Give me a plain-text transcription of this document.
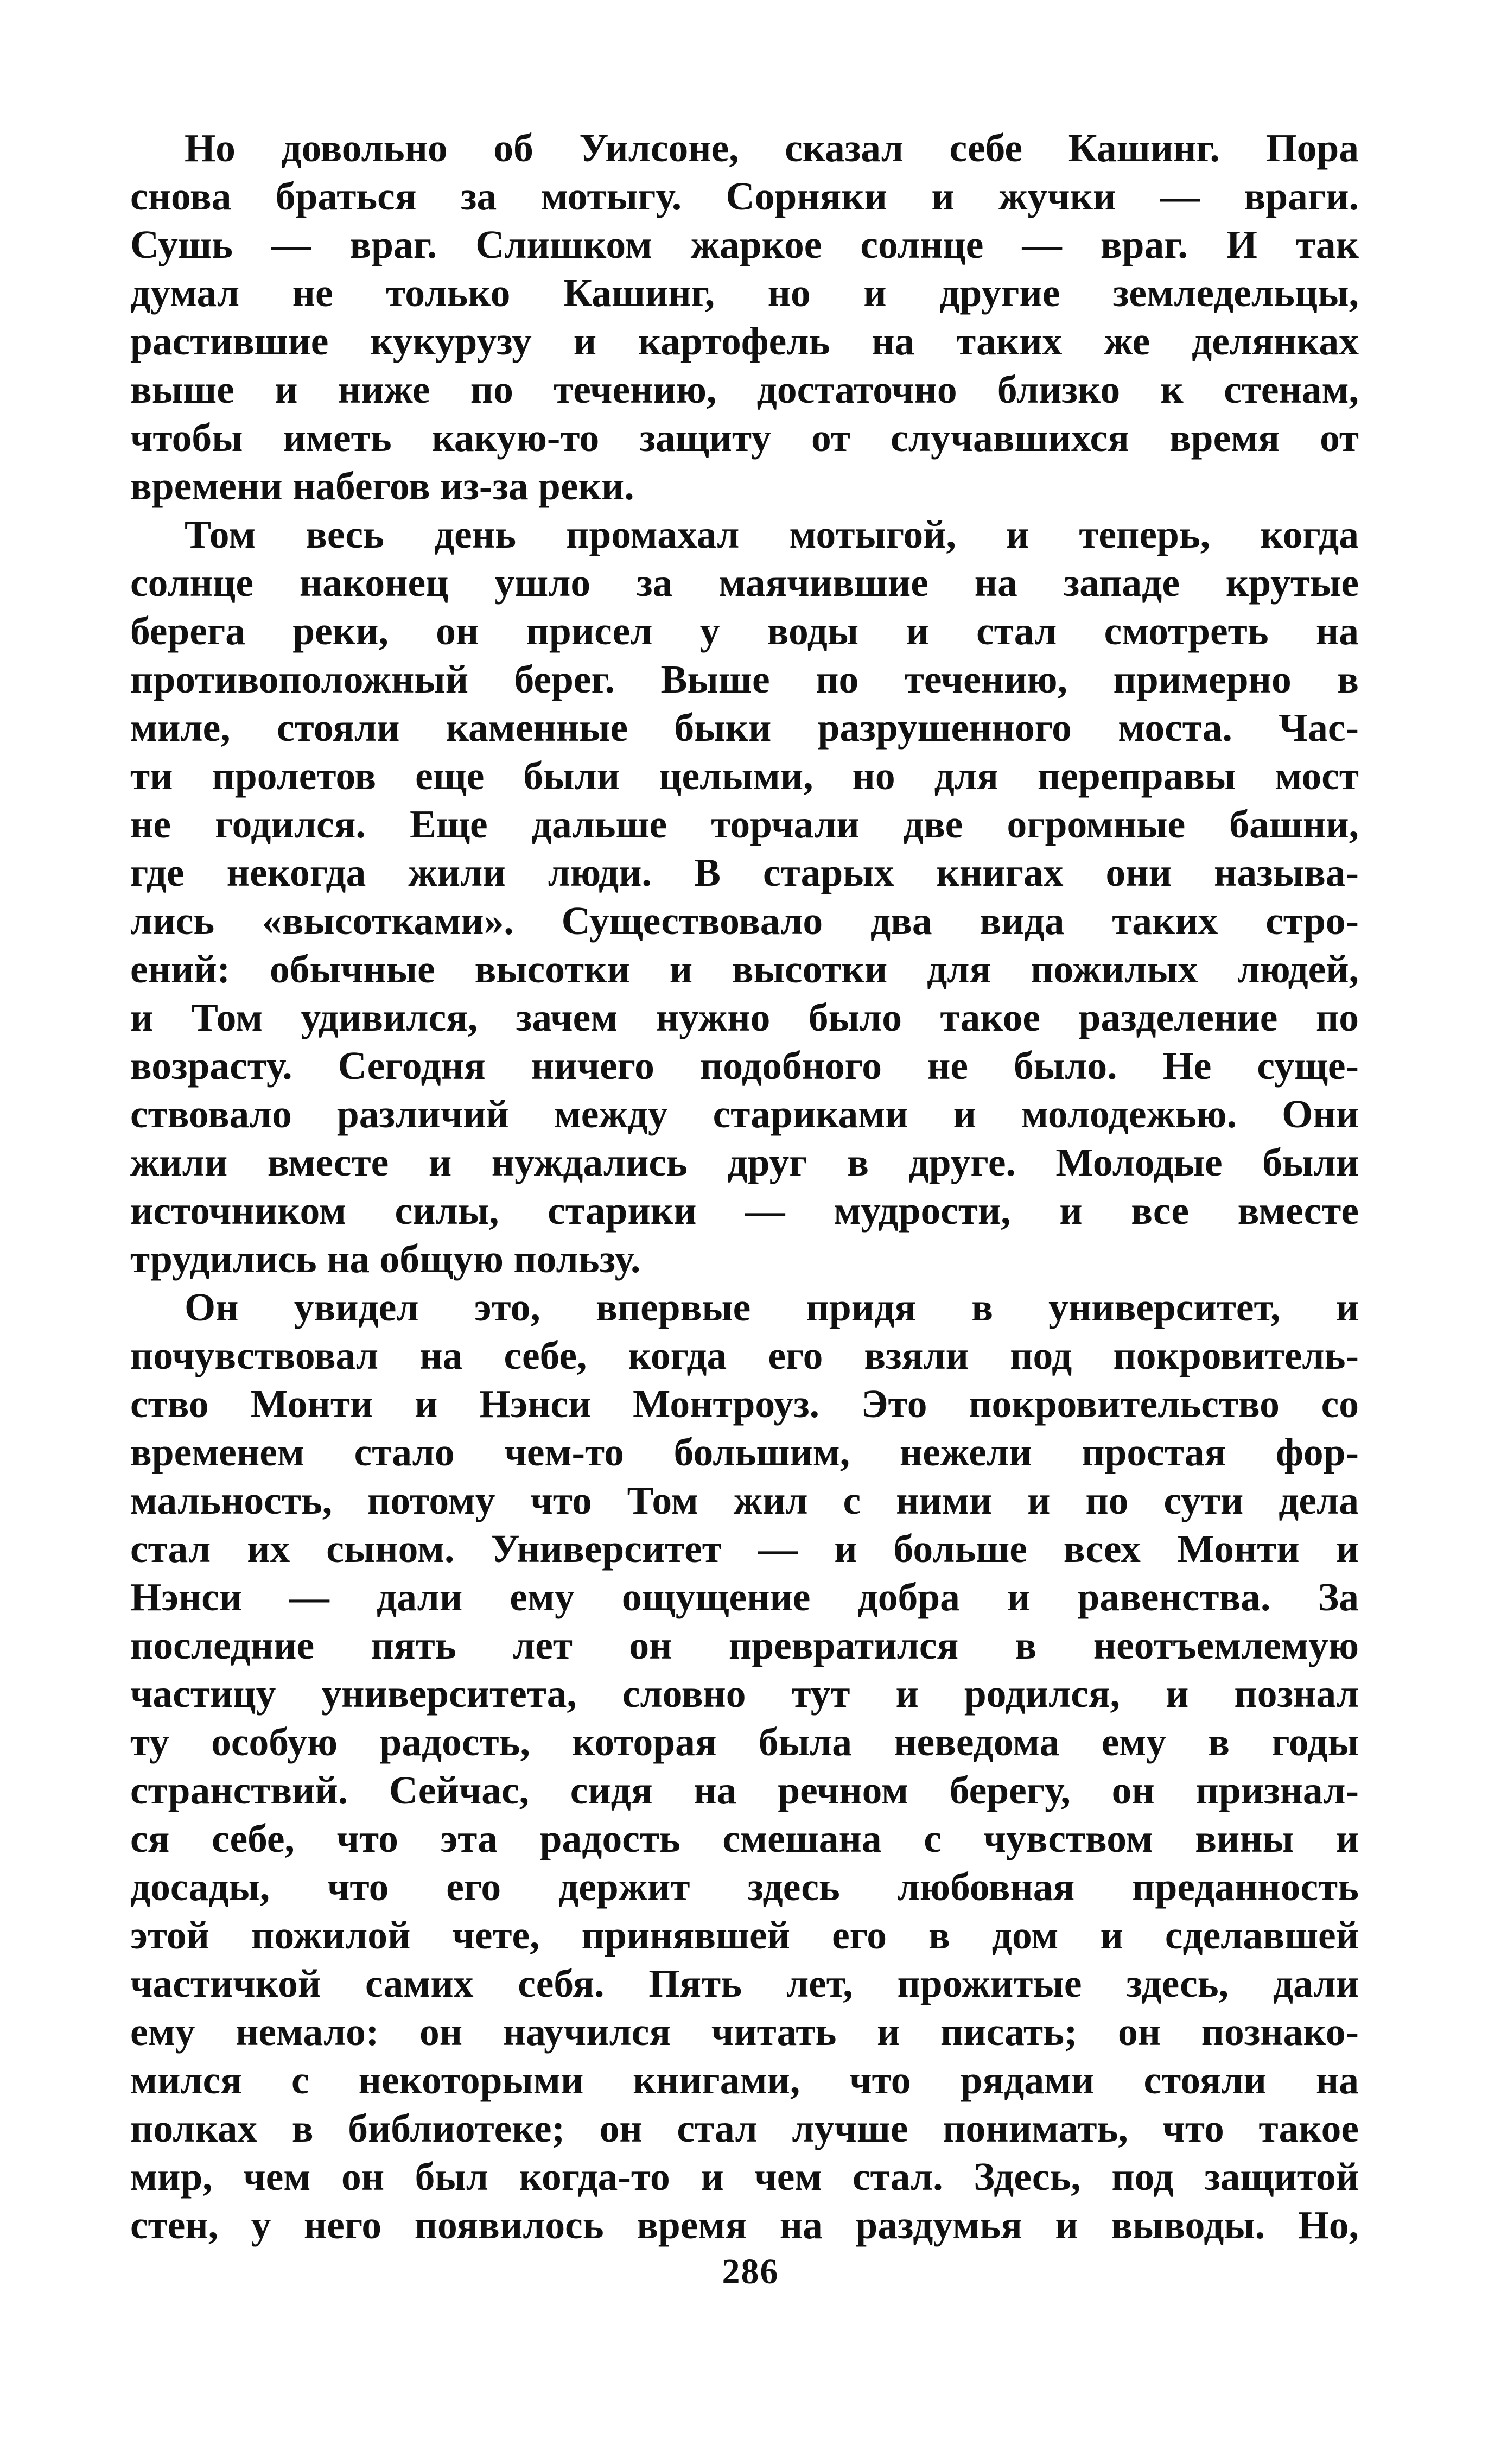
Но довольно об Уилсоне, сказал себе Кашинг. Пора
снова браться за мотыгу. Сорняки и жучки — враги.
Сушь — враг. Слишком жаркое солнце — враг. И так
думал не только Кашинг, но и другие земледельцы,
растившие кукурузу и картофель на таких же делянках
выше и ниже по течению, достаточно близко к стенам,
чтобы иметь какую-то защиту от случавшихся время от
времени набегов из-за реки.
Том весь день промахал мотыгой, и теперь, когда
солнце наконец ушло за маячившие на западе крутые
берега реки, он присел у воды и стал смотреть на
противоположный берег. Выше по течению, примерно в
миле, стояли каменные быки разрушенного моста. Час-
ти пролетов еще были целыми, но для переправы мост
не годился. Еще дальше торчали две огромные башни,
где некогда жили люди. В старых книгах они называ-
лись «высотками». Существовало два вида таких стро-
ений: обычные высотки и высотки для пожилых людей,
и Том удивился, зачем нужно было такое разделение по
возрасту. Сегодня ничего подобного не было. Не суще-
ствовало различий между стариками и молодежью. Они
жили вместе и нуждались друг в друге. Молодые были
источником силы, старики — мудрости, и все вместе
трудились на общую пользу.
Он увидел это, впервые придя в университет, и
почувствовал на себе, когда его взяли под покровитель-
ство Монти и Нэнси Монтроуз. Это покровительство со
временем стало чем-то большим, нежели простая фор-
мальность, потому что Том жил с ними и по сути дела
стал их сыном. Университет — и больше всех Монти и
Нэнси — дали ему ощущение добра и равенства. За
последние пять лет он превратился в неотъемлемую
частицу университета, словно тут и родился, и познал
ту особую радость, которая была неведома ему в годы
странствий. Сейчас, сидя на речном берегу, он признал-
ся себе, что эта радость смешана с чувством вины и
досады, что его держит здесь любовная преданность
этой пожилой чете, принявшей его в дом и сделавшей
частичкой самих себя. Пять лет, прожитые здесь, дали
ему немало: он научился читать и писать; он познако-
мился с некоторыми книгами, что рядами стояли на
полках в библиотеке; он стал лучше понимать, что такое
мир, чем он был когда-то и чем стал. Здесь, под защитой
стен, у него появилось время на раздумья и выводы. Но,
286
